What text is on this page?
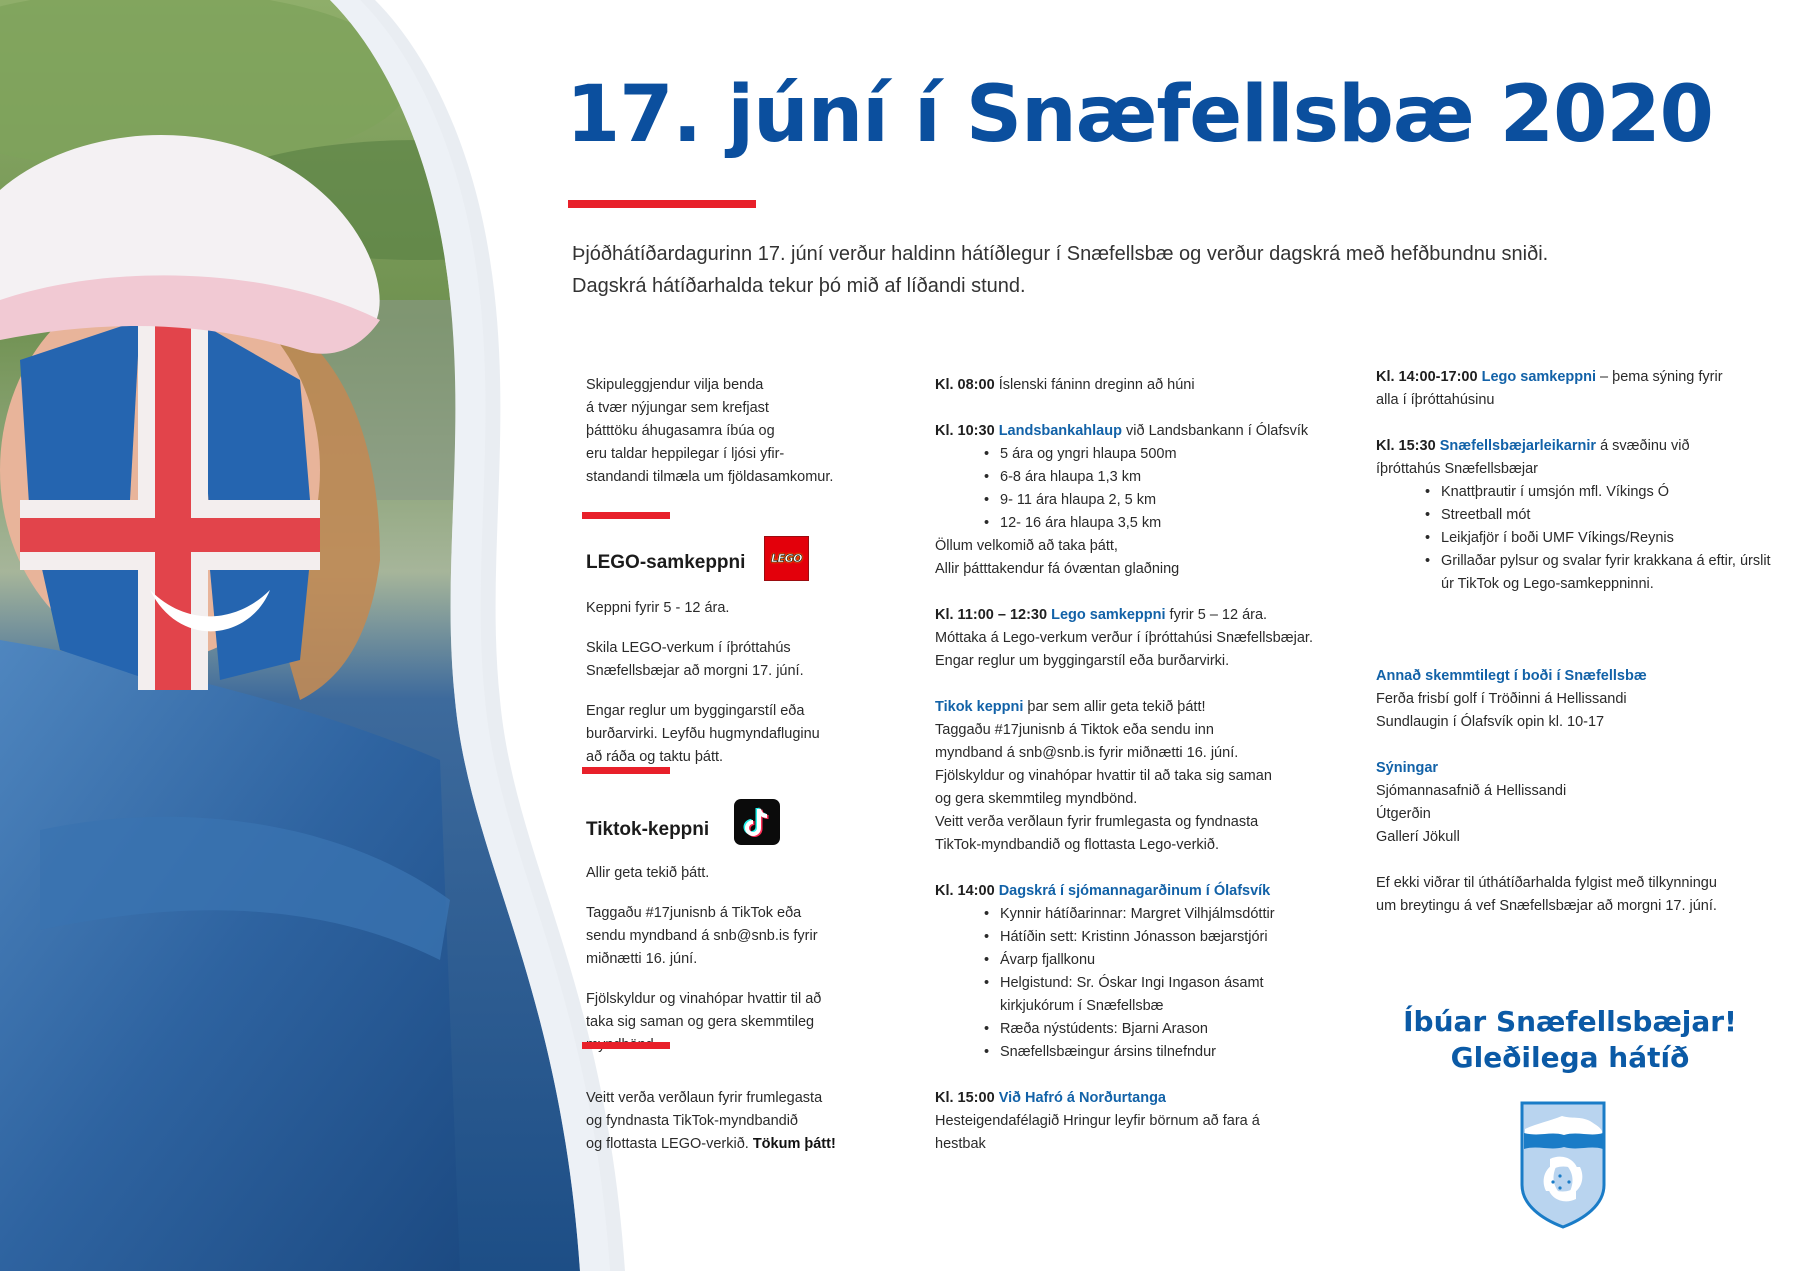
17. júní í Snæfellsbæ 2020
Þjóðhátíðardagurinn 17. júní verður haldinn hátíðlegur í Snæfellsbæ og verður dagskrá með hefðbundnu sniði.
Dagskrá hátíðarhalda tekur þó mið af líðandi stund.

Skipuleggjendur vilja benda

á tvær nýjungar sem krefjast

þátttöku áhugasamra íbúa og

eru taldar heppilegar í ljósi yfir-

standandi tilmæla um fjöldasamkomur.

LEGO-samkeppni LEGO

Keppni fyrir 5 - 12 ára.

Skila LEGO-verkum í íþróttahús

Snæfellsbæjar að morgni 17. júní.

Engar reglur um byggingarstíl eða

burðarvirki. Leyfðu hugmyndafluginu

að ráða og taktu þátt.

Tiktok-keppni

Allir geta tekið þátt.

Taggaðu #17junisnb á TikTok eða

sendu myndband á snb@snb.is fyrir

miðnætti 16. júní.

Fjölskyldur og vinahópar hvattir til að

taka sig saman og gera skemmtileg

Veitt verða verðlaun fyrir frumlegasta

og fyndnasta TikTok-myndbandið

og flottasta LEGO-verkið. Tökum þátt!

Kl. 08:00 Íslenski fáninn dreginn að húni

Kl. 10:30 Landsbankahlaup við Landsbankann í Ólafsvík

• 5 ára og yngri hlaupa 500m
• 6-8 ára hlaupa 1,3 km
• 9- 11 ára hlaupa 2, 5 km
• 12- 16 ára hlaupa 3,5 km

Öllum velkomið að taka þátt,

Allir þátttakendur fá óvæntan glaðning

Kl. 11:00 – 12:30 Lego samkeppni fyrir 5 – 12 ára.

Móttaka á Lego-verkum verður í íþróttahúsi Snæfellsbæjar.

Engar reglur um byggingarstíl eða burðarvirki.

Tikok keppni þar sem allir geta tekið þátt!

Taggaðu #17junisnb á Tiktok eða sendu inn

myndband á snb@snb.is fyrir miðnætti 16. júní.

Fjölskyldur og vinahópar hvattir til að taka sig saman

og gera skemmtileg myndbönd.

Veitt verða verðlaun fyrir frumlegasta og fyndnasta

TikTok-myndbandið og flottasta Lego-verkið.

Kl. 14:00 Dagskrá í sjómannagarðinum í Ólafsvík

• Kynnir hátíðarinnar: Margret Vilhjálmsdóttir
• Hátíðin sett: Kristinn Jónasson bæjarstjóri
• Ávarp fjallkonu
• Helgistund: Sr. Óskar Ingi Ingason ásamt kirkjukórum í Snæfellsbæ
• Ræða nýstúdents: Bjarni Arason
• Snæfellsbæingur ársins tilnefndur

Kl. 15:00 Við Hafró á Norðurtanga

Hesteigendafélagið Hringur leyfir börnum að fara á

hestbak

Kl. 14:00-17:00 Lego samkeppni – þema sýning fyrir

alla í íþróttahúsinu

Kl. 15:30 Snæfellsbæjarleikarnir á svæðinu við

íþróttahús Snæfellsbæjar

• Knattþrautir í umsjón mfl. Víkings Ó
• Streetball mót
• Leikjafjör í boði UMF Víkings/Reynis
• Grillaðar pylsur og svalar fyrir krakkana á eftir, úrslit úr TikTok og Lego-samkeppninni.

Annað skemmtilegt í boði í Snæfellsbæ

Ferða frisbí golf í Tröðinni á Hellissandi

Sundlaugin í Ólafsvík opin kl. 10-17

Sýningar

Sjómannasafnið á Hellissandi

Útgerðin

Gallerí Jökull

Ef ekki viðrar til úthátíðarhalda fylgist með tilkynningu

um breytingu á vef Snæfellsbæjar að morgni 17. júní.

Íbúar Snæfellsbæjar!
Gleðilega hátíð
